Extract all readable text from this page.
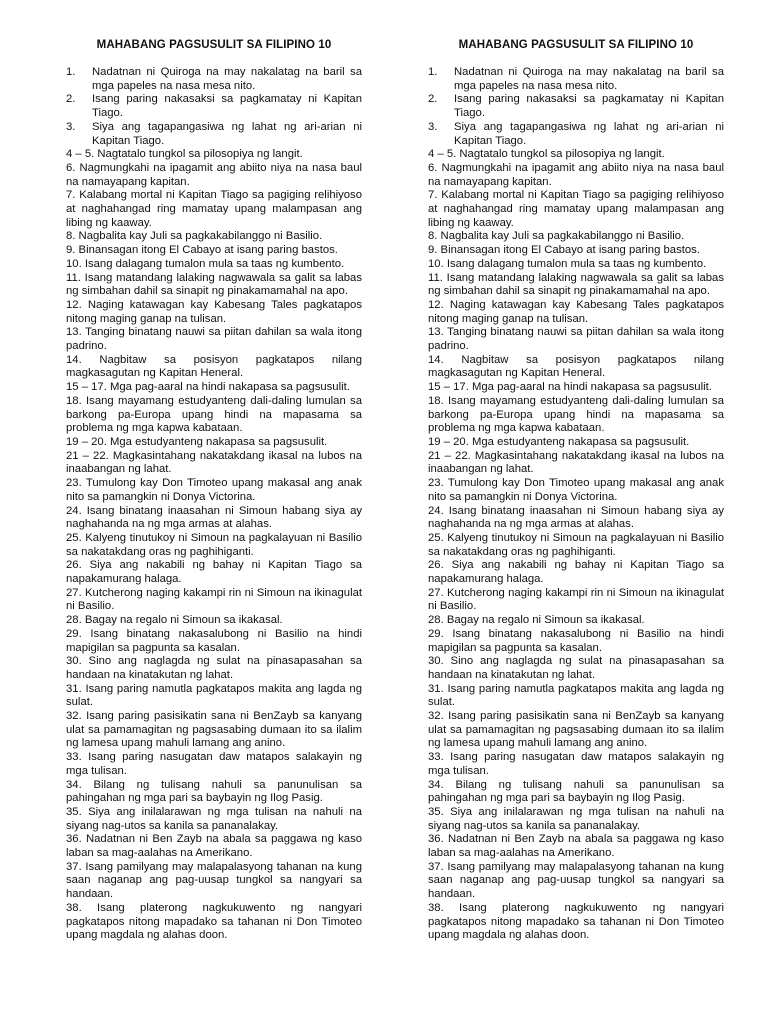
MAHABANG PAGSUSULIT SA FILIPINO 10
1.	Nadatnan ni Quiroga na may nakalatag na baril sa mga papeles na nasa mesa nito.
2.	Isang paring nakasaksi sa pagkamatay ni Kapitan Tiago.
3.	Siya ang tagapangasiwa ng lahat ng ari-arian ni Kapitan Tiago.
4 – 5. Nagtatalo tungkol sa pilosopiya ng langit.
6. Nagmungkahi na ipagamit ang abiito niya na nasa baul na namayapang kapitan.
7. Kalabang mortal ni Kapitan Tiago sa pagiging relihiyoso at naghahangad ring mamatay upang malampasan ang libing ng kaaway.
8. Nagbalita kay Juli sa pagkakabilanggo ni Basilio.
9. Binansagan itong El Cabayo at isang paring bastos.
10. Isang dalagang tumalon mula sa taas ng kumbento.
11. Isang matandang lalaking nagwawala sa galit sa labas ng simbahan dahil sa sinapit ng pinakamamahal na apo.
12. Naging katawagan kay Kabesang Tales pagkatapos nitong maging ganap na tulisan.
13. Tanging binatang nauwi sa piitan dahilan sa wala itong padrino.
14. Nagbitaw sa posisyon pagkatapos nilang magkasagutan ng Kapitan Heneral.
15 – 17. Mga pag-aaral na hindi nakapasa sa pagsusulit.
18. Isang mayamang estudyanteng dali-daling lumulan sa barkong pa-Europa upang hindi na mapasama sa problema ng mga kapwa kabataan.
19 – 20. Mga estudyanteng nakapasa sa pagsusulit.
21 – 22. Magkasintahang nakatakdang ikasal na lubos na inaabangan ng lahat.
23. Tumulong kay Don Timoteo upang makasal ang anak nito sa pamangkin ni Donya Victorina.
24. Isang binatang inaasahan ni Simoun habang siya ay naghahanda na ng mga armas at alahas.
25. Kalyeng tinutukoy ni Simoun na pagkalayuan ni Basilio sa nakatakdang oras ng paghihiganti.
26. Siya ang nakabili ng bahay ni Kapitan Tiago sa napakamurang halaga.
27. Kutcherong naging kakampi rin ni Simoun na ikinagulat ni Basilio.
28. Bagay na regalo ni Simoun sa ikakasal.
29. Isang binatang nakasalubong ni Basilio na hindi mapigilan sa pagpunta sa kasalan.
30. Sino ang naglagda ng sulat na pinasapasahan sa handaan na kinatakutan ng lahat.
31. Isang paring namutla pagkatapos makita ang lagda ng sulat.
32. Isang paring pasisikatin sana ni BenZayb sa kanyang ulat sa pamamagitan ng pagsasabing dumaan ito sa ilalim ng lamesa upang mahuli lamang ang anino.
33. Isang paring nasugatan daw matapos salakayin ng mga tulisan.
34. Bilang ng tulisang nahuli sa panunulisan sa pahingahan ng mga pari sa baybayin ng Ilog Pasig.
35. Siya ang inilalarawan ng mga tulisan na nahuli na siyang nag-utos sa kanila sa pananalakay.
36. Nadatnan ni Ben Zayb na abala sa paggawa ng kaso laban sa mag-aalahas na Amerikano.
37. Isang pamilyang may malapalasyong tahanan na kung saan naganap ang pag-uusap tungkol sa nangyari sa handaan.
38. Isang platerong nagkukuwento ng nangyari pagkatapos nitong mapadako sa tahanan ni Don Timoteo upang magdala ng alahas doon.
MAHABANG PAGSUSULIT SA FILIPINO 10
1.	Nadatnan ni Quiroga na may nakalatag na baril sa mga papeles na nasa mesa nito.
2.	Isang paring nakasaksi sa pagkamatay ni Kapitan Tiago.
3.	Siya ang tagapangasiwa ng lahat ng ari-arian ni Kapitan Tiago.
4 – 5. Nagtatalo tungkol sa pilosopiya ng langit.
6. Nagmungkahi na ipagamit ang abiito niya na nasa baul na namayapang kapitan.
7. Kalabang mortal ni Kapitan Tiago sa pagiging relihiyoso at naghahangad ring mamatay upang malampasan ang libing ng kaaway.
8. Nagbalita kay Juli sa pagkakabilanggo ni Basilio.
9. Binansagan itong El Cabayo at isang paring bastos.
10. Isang dalagang tumalon mula sa taas ng kumbento.
11. Isang matandang lalaking nagwawala sa galit sa labas ng simbahan dahil sa sinapit ng pinakamamahal na apo.
12. Naging katawagan kay Kabesang Tales pagkatapos nitong maging ganap na tulisan.
13. Tanging binatang nauwi sa piitan dahilan sa wala itong padrino.
14. Nagbitaw sa posisyon pagkatapos nilang magkasagutan ng Kapitan Heneral.
15 – 17. Mga pag-aaral na hindi nakapasa sa pagsusulit.
18. Isang mayamang estudyanteng dali-daling lumulan sa barkong pa-Europa upang hindi na mapasama sa problema ng mga kapwa kabataan.
19 – 20. Mga estudyanteng nakapasa sa pagsusulit.
21 – 22. Magkasintahang nakatakdang ikasal na lubos na inaabangan ng lahat.
23. Tumulong kay Don Timoteo upang makasal ang anak nito sa pamangkin ni Donya Victorina.
24. Isang binatang inaasahan ni Simoun habang siya ay naghahanda na ng mga armas at alahas.
25. Kalyeng tinutukoy ni Simoun na pagkalayuan ni Basilio sa nakatakdang oras ng paghihiganti.
26. Siya ang nakabili ng bahay ni Kapitan Tiago sa napakamurang halaga.
27. Kutcherong naging kakampi rin ni Simoun na ikinagulat ni Basilio.
28. Bagay na regalo ni Simoun sa ikakasal.
29. Isang binatang nakasalubong ni Basilio na hindi mapigilan sa pagpunta sa kasalan.
30. Sino ang naglagda ng sulat na pinasapasahan sa handaan na kinatakutan ng lahat.
31. Isang paring namutla pagkatapos makita ang lagda ng sulat.
32. Isang paring pasisikatin sana ni BenZayb sa kanyang ulat sa pamamagitan ng pagsasabing dumaan ito sa ilalim ng lamesa upang mahuli lamang ang anino.
33. Isang paring nasugatan daw matapos salakayin ng mga tulisan.
34. Bilang ng tulisang nahuli sa panunulisan sa pahingahan ng mga pari sa baybayin ng Ilog Pasig.
35. Siya ang inilalarawan ng mga tulisan na nahuli na siyang nag-utos sa kanila sa pananalakay.
36. Nadatnan ni Ben Zayb na abala sa paggawa ng kaso laban sa mag-aalahas na Amerikano.
37. Isang pamilyang may malapalasyong tahanan na kung saan naganap ang pag-uusap tungkol sa nangyari sa handaan.
38. Isang platerong nagkukuwento ng nangyari pagkatapos nitong mapadako sa tahanan ni Don Timoteo upang magdala ng alahas doon.
